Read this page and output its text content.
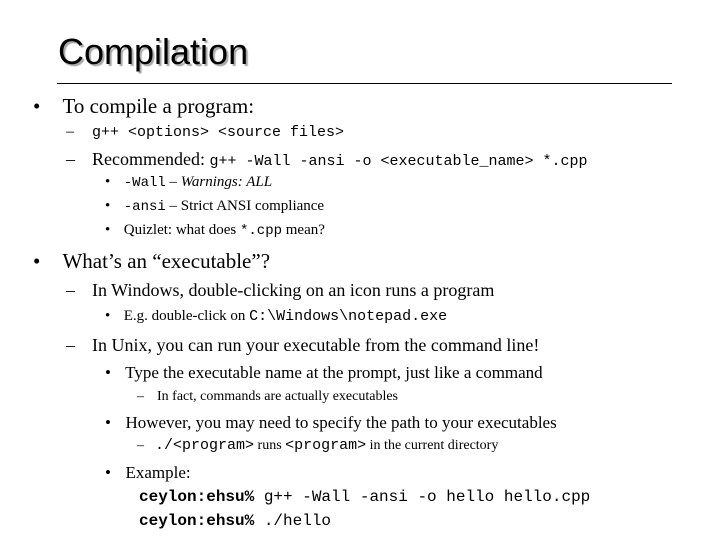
Compilation
• To compile a program:
– g++ <options> <source files>
– Recommended: g++ -Wall -ansi -o <executable_name> *.cpp
• -Wall – Warnings: ALL
• -ansi – Strict ANSI compliance
• Quizlet: what does *.cpp mean?
• What’s an “executable”?
– In Windows, double-clicking on an icon runs a program
• E.g. double-click on C:\Windows\notepad.exe
– In Unix, you can run your executable from the command line!
• Type the executable name at the prompt, just like a command
– In fact, commands are actually executables
• However, you may need to specify the path to your executables
– ./<program> runs <program> in the current directory
• Example:
ceylon:ehsu% g++ -Wall -ansi -o hello hello.cpp
ceylon:ehsu% ./hello
